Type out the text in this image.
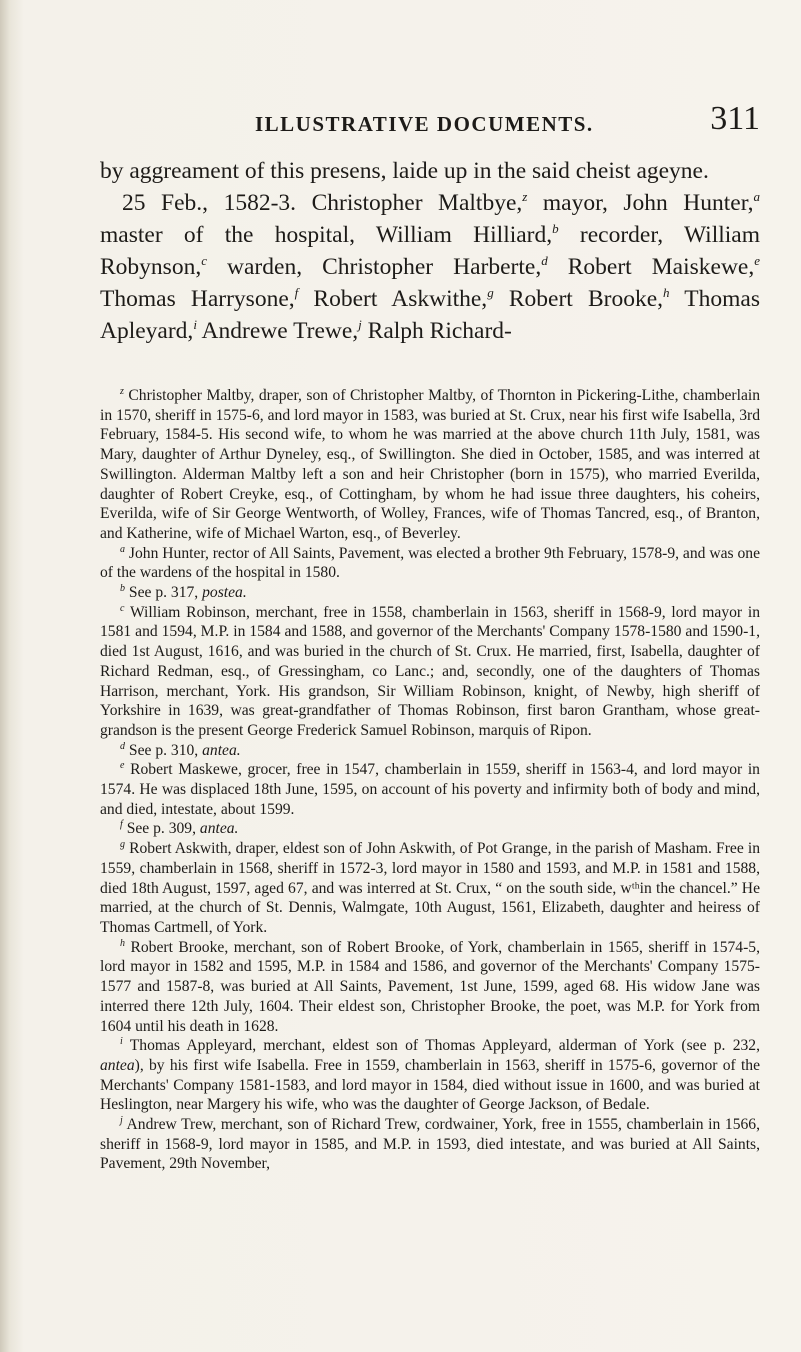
ILLUSTRATIVE DOCUMENTS.	311

by aggreament of this presens, laide up in the said cheist ageyne.

25 Feb., 1582-3. Christopher Maltbye,$^z$ mayor, John Hunter,$^a$ master of the hospital, William Hilliard,$^b$ recorder, William Robynson,$^c$ warden, Christopher Harberte,$^d$ Robert Maiskewe,$^e$ Thomas Harrysone,$^f$ Robert Askwithe,$^g$ Robert Brooke,$^h$ Thomas Apleyard,$^i$ Andrewe Trewe,$^j$ Ralph Richard-

$^z$ Christopher Maltby, draper, son of Christopher Maltby, of Thornton in Pickering-Lithe, chamberlain in 1570, sheriff in 1575-6, and lord mayor in 1583, was buried at St. Crux, near his first wife Isabella, 3rd February, 1584-5. His second wife, to whom he was married at the above church 11th July, 1581, was Mary, daughter of Arthur Dyneley, esq., of Swillington. She died in October, 1585, and was interred at Swillington. Alderman Maltby left a son and heir Christopher (born in 1575), who married Everilda, daughter of Robert Creyke, esq., of Cottingham, by whom he had issue three daughters, his coheirs, Everilda, wife of Sir George Wentworth, of Wolley, Frances, wife of Thomas Tancred, esq., of Branton, and Katherine, wife of Michael Warton, esq., of Beverley.

$^a$ John Hunter, rector of All Saints, Pavement, was elected a brother 9th February, 1578-9, and was one of the wardens of the hospital in 1580.

$^b$ See p. 317, postea.

$^c$ William Robinson, merchant, free in 1558, chamberlain in 1563, sheriff in 1568-9, lord mayor in 1581 and 1594, M.P. in 1584 and 1588, and governor of the Merchants' Company 1578-1580 and 1590-1, died 1st August, 1616, and was buried in the church of St. Crux. He married, first, Isabella, daughter of Richard Redman, esq., of Gressingham, co Lanc.; and, secondly, one of the daughters of Thomas Harrison, merchant, York. His grandson, Sir William Robinson, knight, of Newby, high sheriff of Yorkshire in 1639, was great-grandfather of Thomas Robinson, first baron Grantham, whose great-grandson is the present George Frederick Samuel Robinson, marquis of Ripon.

$^d$ See p. 310, antea.

$^e$ Robert Maskewe, grocer, free in 1547, chamberlain in 1559, sheriff in 1563-4, and lord mayor in 1574. He was displaced 18th June, 1595, on account of his poverty and infirmity both of body and mind, and died, intestate, about 1599.

$^f$ See p. 309, antea.

$^g$ Robert Askwith, draper, eldest son of John Askwith, of Pot Grange, in the parish of Masham. Free in 1559, chamberlain in 1568, sheriff in 1572-3, lord mayor in 1580 and 1593, and M.P. in 1581 and 1588, died 18th August, 1597, aged 67, and was interred at St. Crux, “ on the south side, wᵗʰin the chancel.” He married, at the church of St. Dennis, Walmgate, 10th August, 1561, Elizabeth, daughter and heiress of Thomas Cartmell, of York.

$^h$ Robert Brooke, merchant, son of Robert Brooke, of York, chamberlain in 1565, sheriff in 1574-5, lord mayor in 1582 and 1595, M.P. in 1584 and 1586, and governor of the Merchants' Company 1575-1577 and 1587-8, was buried at All Saints, Pavement, 1st June, 1599, aged 68. His widow Jane was interred there 12th July, 1604. Their eldest son, Christopher Brooke, the poet, was M.P. for York from 1604 until his death in 1628.

$^i$ Thomas Appleyard, merchant, eldest son of Thomas Appleyard, alderman of York (see p. 232, antea), by his first wife Isabella. Free in 1559, chamberlain in 1563, sheriff in 1575-6, governor of the Merchants' Company 1581-1583, and lord mayor in 1584, died without issue in 1600, and was buried at Heslington, near Margery his wife, who was the daughter of George Jackson, of Bedale.

$^j$ Andrew Trew, merchant, son of Richard Trew, cordwainer, York, free in 1555, chamberlain in 1566, sheriff in 1568-9, lord mayor in 1585, and M.P. in 1593, died intestate, and was buried at All Saints, Pavement, 29th November,
